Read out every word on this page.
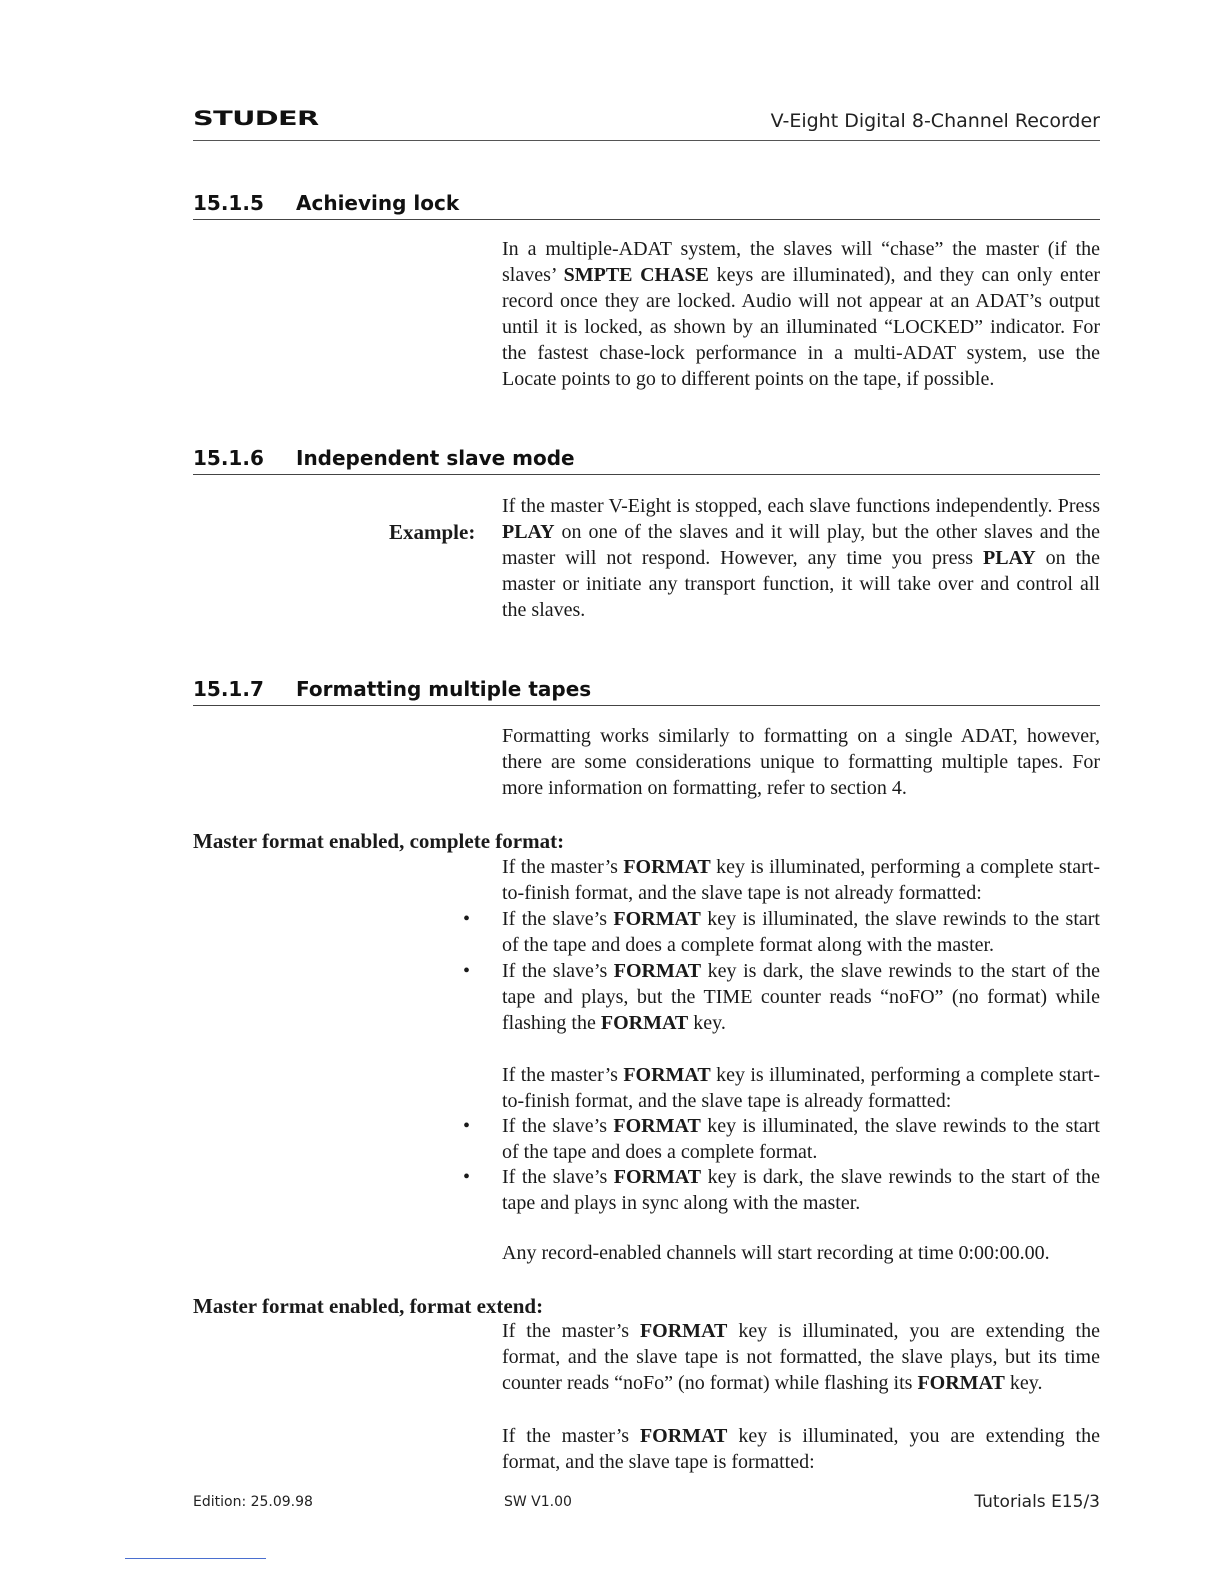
STUDER	V-Eight Digital 8-Channel Recorder
15.1.5 Achieving lock

In a multiple-ADAT system, the slaves will “chase” the master (if the slaves’ SMPTE CHASE keys are illuminated), and they can only enter record once they are locked. Audio will not appear at an ADAT’s output until it is locked, as shown by an illuminated “LOCKED” indicator. For the fastest chase-lock performance in a multi-ADAT system, use the Locate points to go to different points on the tape, if possible.

15.1.6 Independent slave mode
Example:

If the master V-Eight is stopped, each slave functions independently. Press PLAY on one of the slaves and it will play, but the other slaves and the master will not respond. However, any time you press PLAY on the master or initiate any transport function, it will take over and control all the slaves.

15.1.7 Formatting multiple tapes

Formatting works similarly to formatting on a single ADAT, however, there are some considerations unique to formatting multiple tapes. For more information on formatting, refer to section 4.

Master format enabled, complete format:

If the master’s FORMAT key is illuminated, performing a complete start-to-finish format, and the slave tape is not already formatted:

• If the slave’s FORMAT key is illuminated, the slave rewinds to the start of the tape and does a complete format along with the master.

• If the slave’s FORMAT key is dark, the slave rewinds to the start of the tape and plays, but the TIME counter reads “noFO” (no format) while flashing the FORMAT key.

If the master’s FORMAT key is illuminated, performing a complete start-to-finish format, and the slave tape is already formatted:

• If the slave’s FORMAT key is illuminated, the slave rewinds to the start of the tape and does a complete format.

• If the slave’s FORMAT key is dark, the slave rewinds to the start of the tape and plays in sync along with the master.

Any record-enabled channels will start recording at time 0:00:00.00.

Master format enabled, format extend:

If the master’s FORMAT key is illuminated, you are extending the format, and the slave tape is not formatted, the slave plays, but its time counter reads “noFo” (no format) while flashing its FORMAT key.

If the master’s FORMAT key is illuminated, you are extending the format, and the slave tape is formatted:

Edition: 25.09.98	SW V1.00	Tutorials E15/3
